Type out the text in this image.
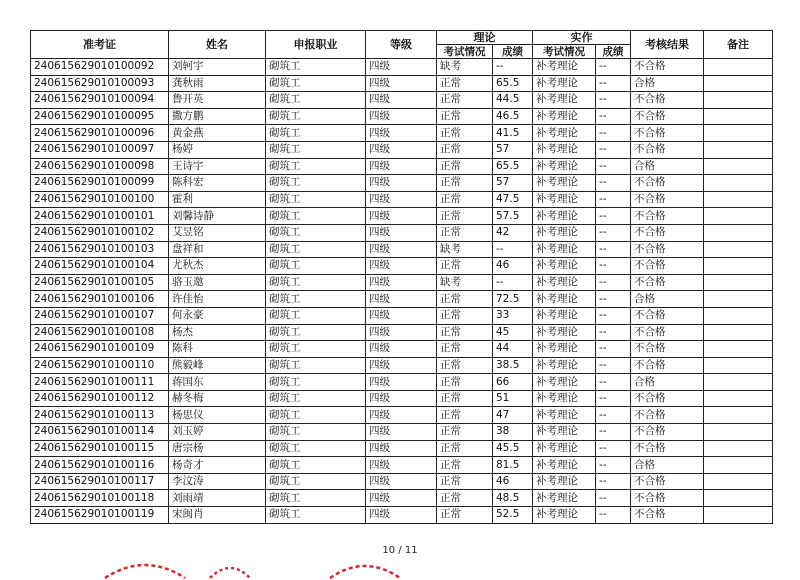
准考证	姓名	申报职业	等级	理论		实作		考核结果	备注
				考试情况	成绩	考试情况	成绩		
240615629010100092	刘轲宇	砌筑工	四级	缺考	--	补考理论	--	不合格	
240615629010100093	龚秋雨	砌筑工	四级	正常	65.5	补考理论	--	合格	
240615629010100094	鲁开英	砌筑工	四级	正常	44.5	补考理论	--	不合格	
240615629010100095	撒方鹏	砌筑工	四级	正常	46.5	补考理论	--	不合格	
240615629010100096	黄金燕	砌筑工	四级	正常	41.5	补考理论	--	不合格	
240615629010100097	杨婷	砌筑工	四级	正常	57	补考理论	--	不合格	
240615629010100098	王诗宇	砌筑工	四级	正常	65.5	补考理论	--	合格	
240615629010100099	陈科宏	砌筑工	四级	正常	57	补考理论	--	不合格	
240615629010100100	霍利	砌筑工	四级	正常	47.5	补考理论	--	不合格	
240615629010100101	刘馨诗静	砌筑工	四级	正常	57.5	补考理论	--	不合格	
240615629010100102	艾昱铭	砌筑工	四级	正常	42	补考理论	--	不合格	
240615629010100103	盘祥和	砌筑工	四级	缺考	--	补考理论	--	不合格	
240615629010100104	尤秋杰	砌筑工	四级	正常	46	补考理论	--	不合格	
240615629010100105	骆玉邀	砌筑工	四级	缺考	--	补考理论	--	不合格	
240615629010100106	许佳怡	砌筑工	四级	正常	72.5	补考理论	--	合格	
240615629010100107	何永豪	砌筑工	四级	正常	33	补考理论	--	不合格	
240615629010100108	杨杰	砌筑工	四级	正常	45	补考理论	--	不合格	
240615629010100109	陈科	砌筑工	四级	正常	44	补考理论	--	不合格	
240615629010100110	熊毅峰	砌筑工	四级	正常	38.5	补考理论	--	不合格	
240615629010100111	蒋国东	砌筑工	四级	正常	66	补考理论	--	合格	
240615629010100112	赫冬梅	砌筑工	四级	正常	51	补考理论	--	不合格	
240615629010100113	杨思仪	砌筑工	四级	正常	47	补考理论	--	不合格	
240615629010100114	刘玉婷	砌筑工	四级	正常	38	补考理论	--	不合格	
240615629010100115	唐宗杨	砌筑工	四级	正常	45.5	补考理论	--	不合格	
240615629010100116	杨奇才	砌筑工	四级	正常	81.5	补考理论	--	合格	
240615629010100117	李汶涛	砌筑工	四级	正常	46	补考理论	--	不合格	
240615629010100118	刘雨靖	砌筑工	四级	正常	48.5	补考理论	--	不合格	
240615629010100119	宋闽肖	砌筑工	四级	正常	52.5	补考理论	--	不合格	
10 / 11
